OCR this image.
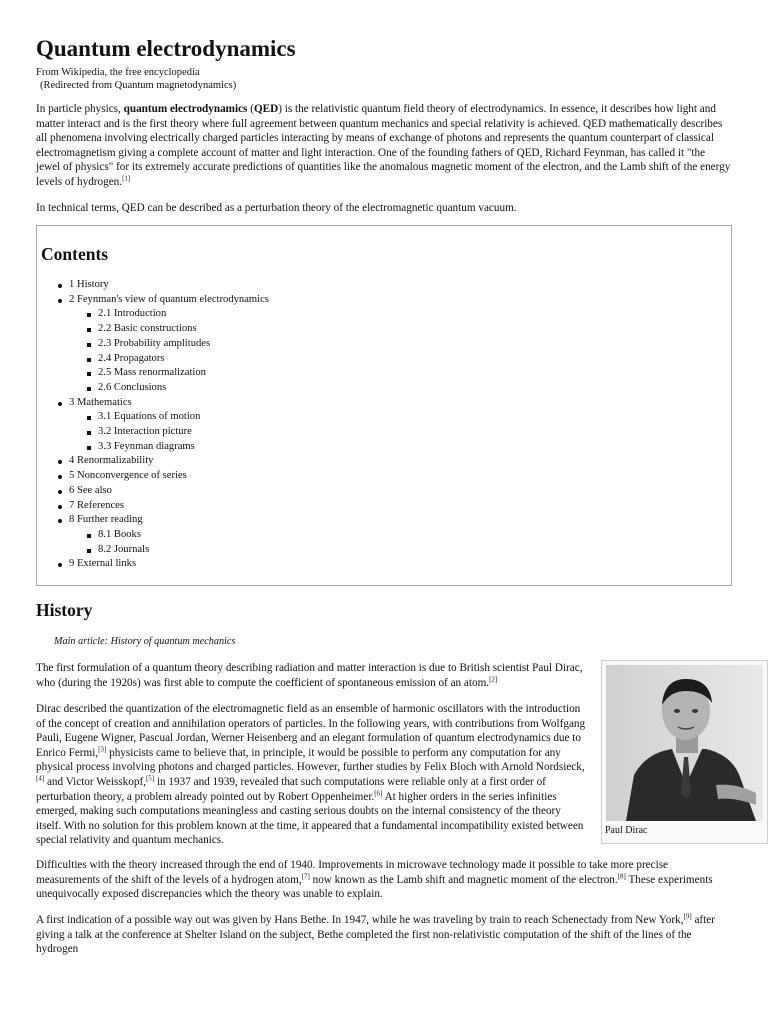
Quantum electrodynamics
From Wikipedia, the free encyclopedia
(Redirected from Quantum magnetodynamics)

In particle physics, quantum electrodynamics (QED) is the relativistic quantum field theory of electrodynamics. In essence, it describes how light and matter interact and is the first theory where full agreement between quantum mechanics and special relativity is achieved. QED mathematically describes all phenomena involving electrically charged particles interacting by means of exchange of photons and represents the quantum counterpart of classical electromagnetism giving a complete account of matter and light interaction. One of the founding fathers of QED, Richard Feynman, has called it "the jewel of physics" for its extremely accurate predictions of quantities like the anomalous magnetic moment of the electron, and the Lamb shift of the energy levels of hydrogen.[1]

In technical terms, QED can be described as a perturbation theory of the electromagnetic quantum vacuum.

Contents
1 History
2 Feynman's view of quantum electrodynamics
2.1 Introduction
2.2 Basic constructions
2.3 Probability amplitudes
2.4 Propagators
2.5 Mass renormalization
2.6 Conclusions
3 Mathematics
3.1 Equations of motion
3.2 Interaction picture
3.3 Feynman diagrams
4 Renormalizability
5 Nonconvergence of series
6 See also
7 References
8 Further reading
8.1 Books
8.2 Journals
9 External links
History
Main article: History of quantum mechanics
Paul Dirac

The first formulation of a quantum theory describing radiation and matter interaction is due to British scientist Paul Dirac, who (during the 1920s) was first able to compute the coefficient of spontaneous emission of an atom.[2]

Dirac described the quantization of the electromagnetic field as an ensemble of harmonic oscillators with the introduction of the concept of creation and annihilation operators of particles. In the following years, with contributions from Wolfgang Pauli, Eugene Wigner, Pascual Jordan, Werner Heisenberg and an elegant formulation of quantum electrodynamics due to Enrico Fermi,[3] physicists came to believe that, in principle, it would be possible to perform any computation for any physical process involving photons and charged particles. However, further studies by Felix Bloch with Arnold Nordsieck,[4] and Victor Weisskopf,[5] in 1937 and 1939, revealed that such computations were reliable only at a first order of perturbation theory, a problem already pointed out by Robert Oppenheimer.[6] At higher orders in the series infinities emerged, making such computations meaningless and casting serious doubts on the internal consistency of the theory itself. With no solution for this problem known at the time, it appeared that a fundamental incompatibility existed between special relativity and quantum mechanics.

Difficulties with the theory increased through the end of 1940. Improvements in microwave technology made it possible to take more precise measurements of the shift of the levels of a hydrogen atom,[7] now known as the Lamb shift and magnetic moment of the electron.[8] These experiments unequivocally exposed discrepancies which the theory was unable to explain.

A first indication of a possible way out was given by Hans Bethe. In 1947, while he was traveling by train to reach Schenectady from New York,[9] after giving a talk at the conference at Shelter Island on the subject, Bethe completed the first non-relativistic computation of the shift of the lines of the hydrogen
